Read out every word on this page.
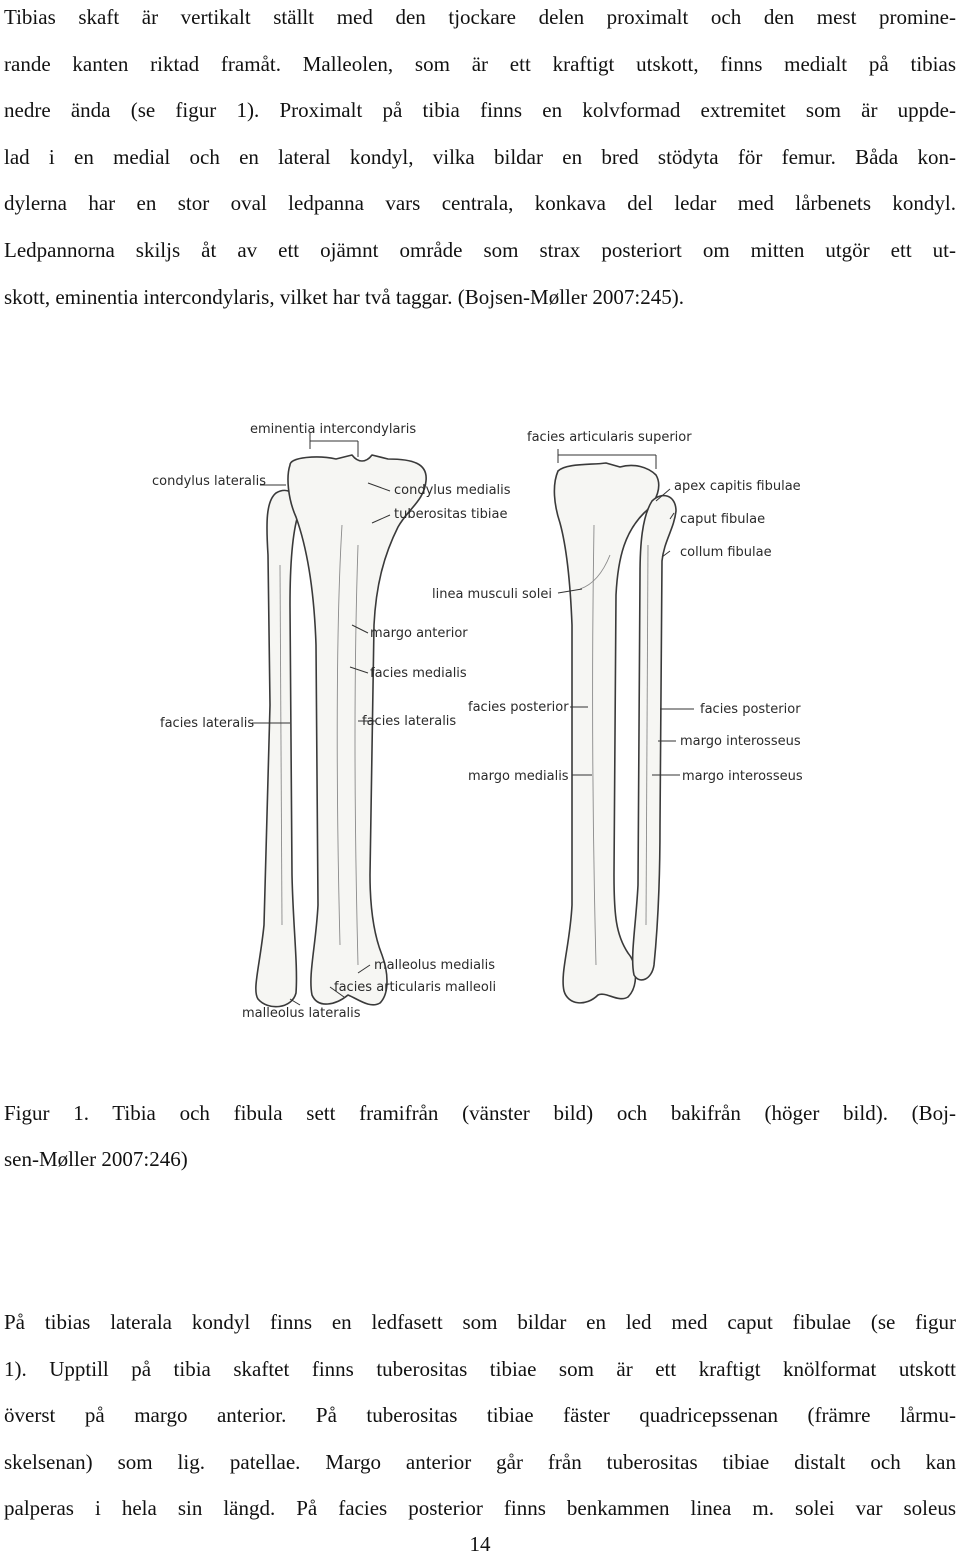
Tibias skaft är vertikalt ställt med den tjockare delen proximalt och den mest promine-
rande kanten riktad framåt. Malleolen, som är ett kraftigt utskott, finns medialt på tibias
nedre ända (se figur 1). Proximalt på tibia finns en kolvformad extremitet som är uppde-
lad i en medial och en lateral kondyl, vilka bildar en bred stödyta för femur. Båda kon-
dylerna har en stor oval ledpanna vars centrala, konkava del ledar med lårbenets kondyl.
Ledpannorna skiljs åt av ett ojämnt område som strax posteriort om mitten utgör ett ut-
skott, eminentia intercondylaris, vilket har två taggar. (Bojsen-Møller 2007:245).
eminentia intercondylaris
condylus lateralis
condylus medialis
tuberositas tibiae
margo anterior
facies medialis
facies lateralis	facies lateralis
malleolus medialis
facies articularis malleoli
malleolus lateralis
facies articularis superior
apex capitis fibulae
caput fibulae
collum fibulae
linea musculi solei
facies posterior	facies posterior
margo interosseus
margo medialis	margo interosseus
Figur 1. Tibia och fibula sett framifrån (vänster bild) och bakifrån (höger bild). (Boj-
sen-Møller 2007:246)
På tibias laterala kondyl finns en ledfasett som bildar en led med caput fibulae (se figur
1). Upptill på tibia skaftet finns tuberositas tibiae som är ett kraftigt knölformat utskott
överst på margo anterior. På tuberositas tibiae fäster quadricepssenan (främre lårmu-
skelsenan) som lig. patellae. Margo anterior går från tuberositas tibiae distalt och kan
palperas i hela sin längd. På facies posterior finns benkammen linea m. solei var soleus

14
